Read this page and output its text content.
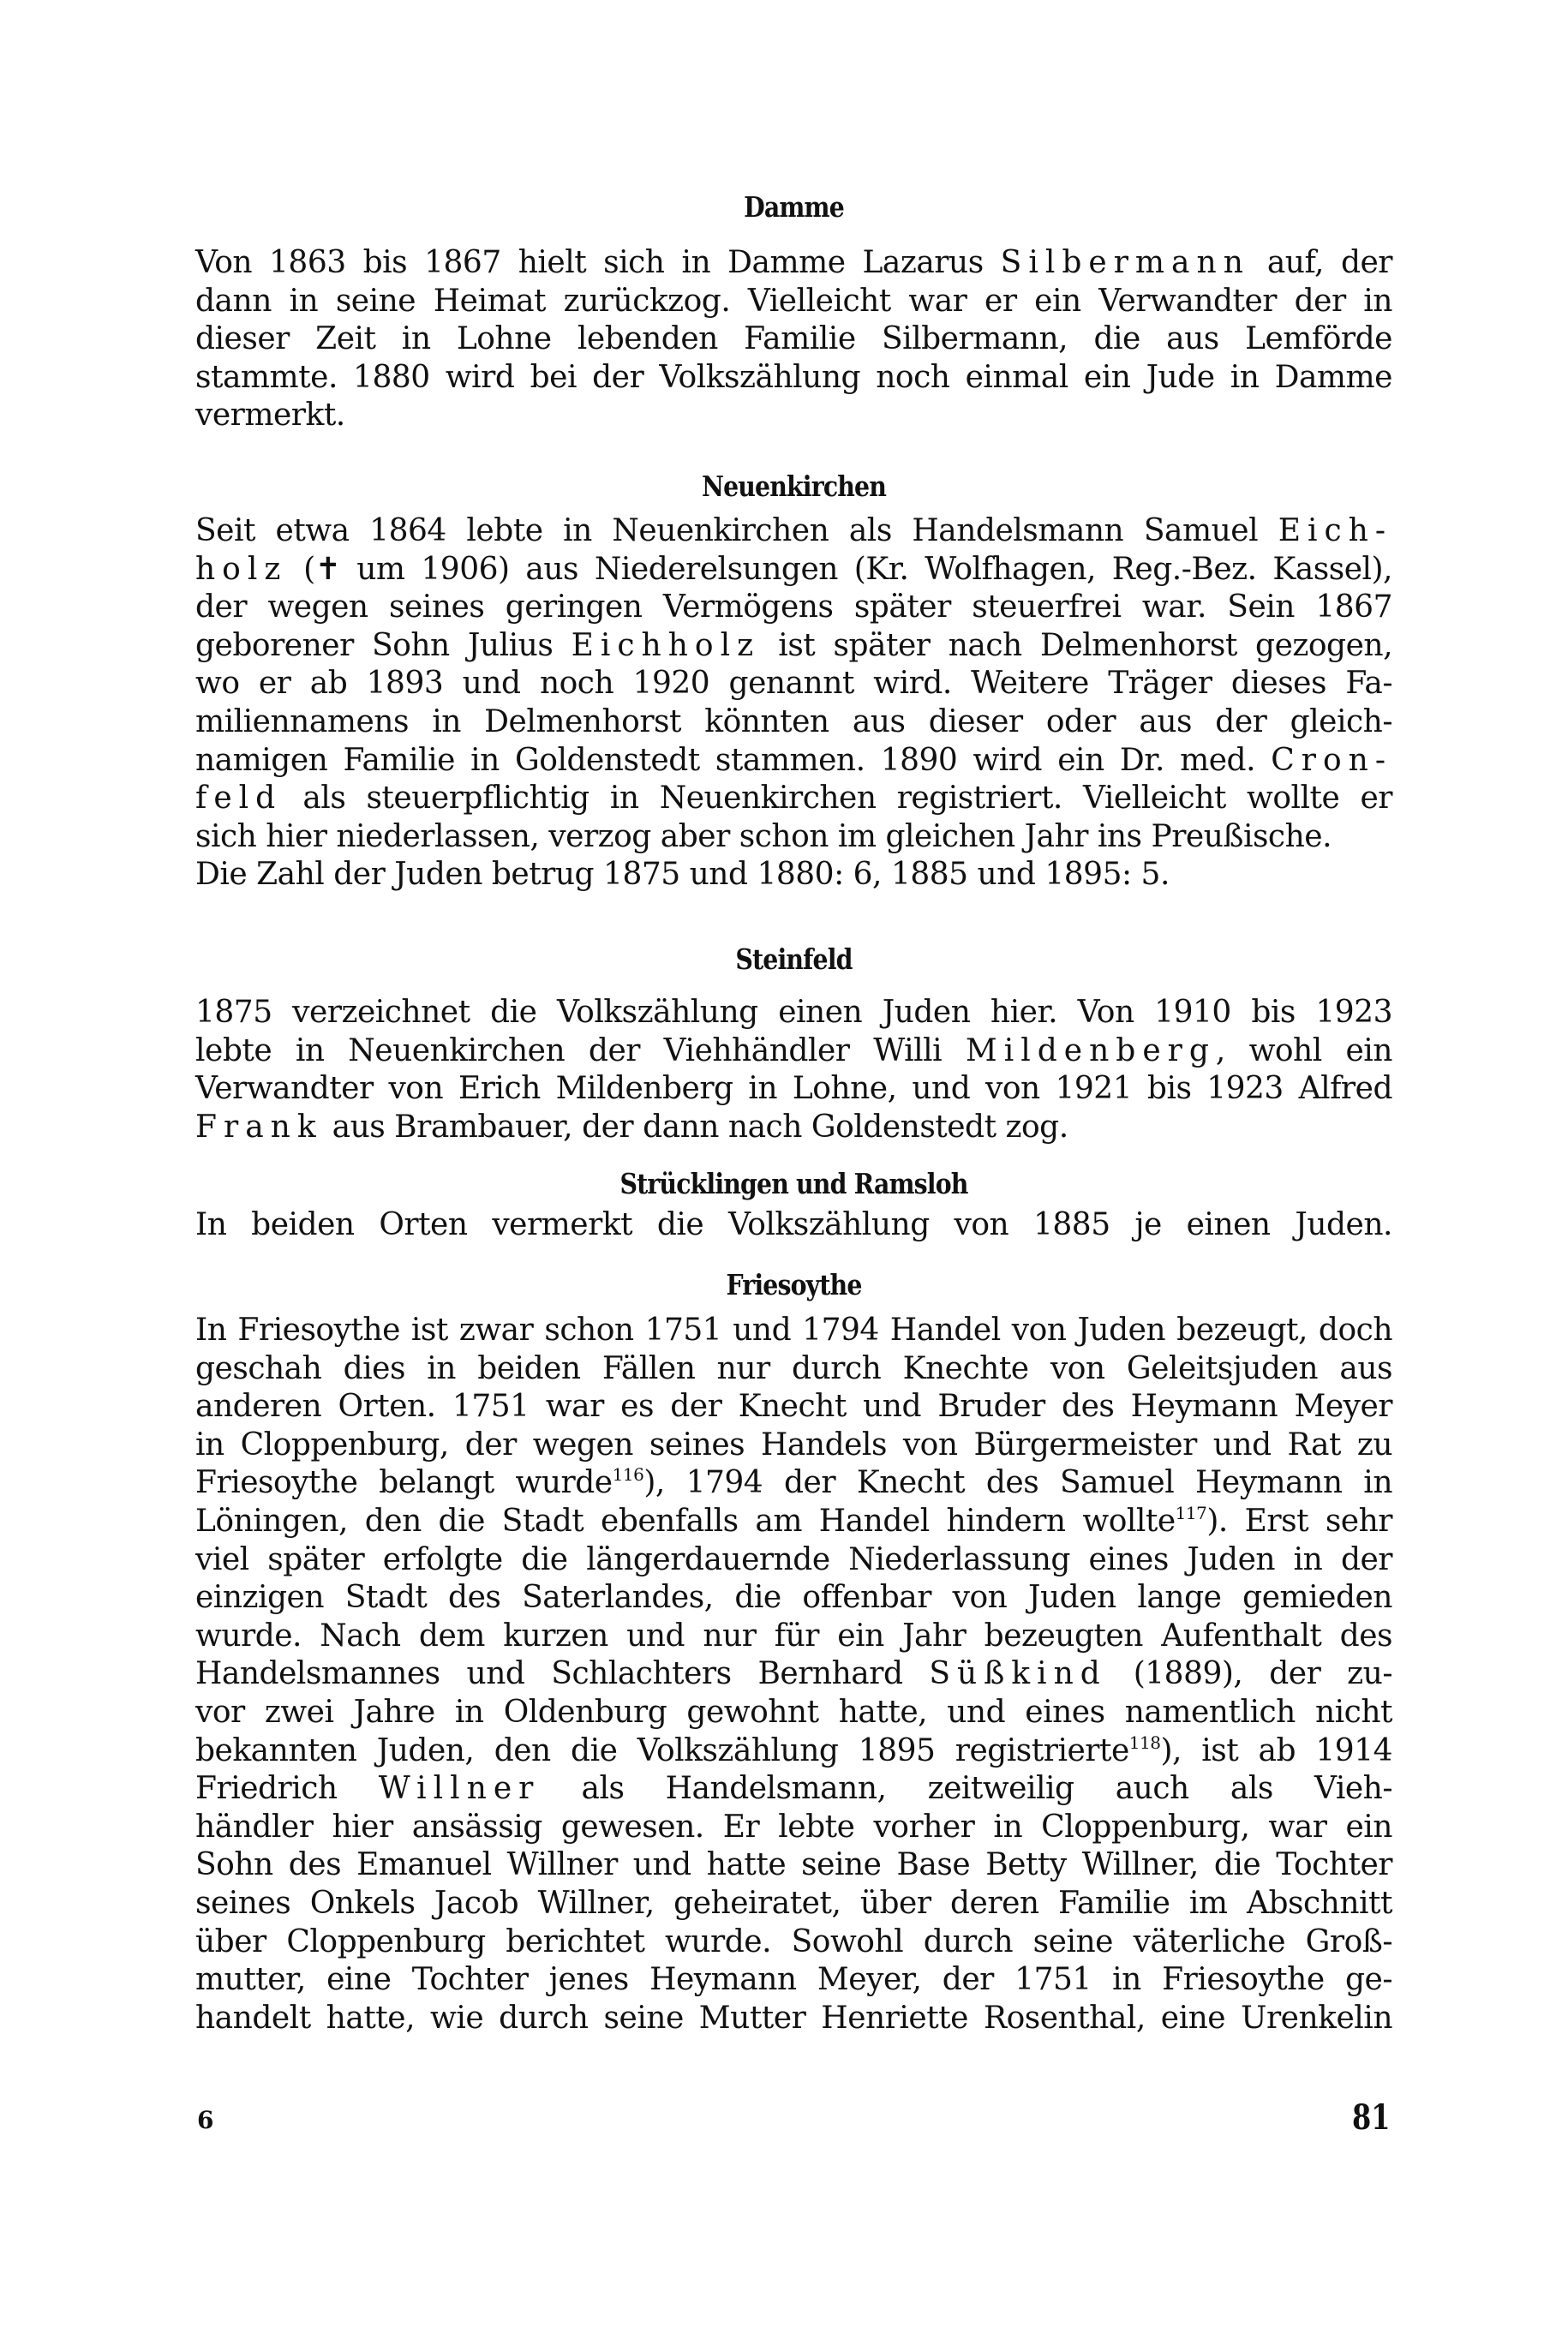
Damme
Von 1863 bis 1867 hielt sich in Damme Lazarus Silbermann auf, der
dann in seine Heimat zurückzog. Vielleicht war er ein Verwandter der in
dieser Zeit in Lohne lebenden Familie Silbermann, die aus Lemförde
stammte. 1880 wird bei der Volkszählung noch einmal ein Jude in Damme
vermerkt.
Neuenkirchen
Seit etwa 1864 lebte in Neuenkirchen als Handelsmann Samuel Eich-
holz (✝ um 1906) aus Niederelsungen (Kr. Wolfhagen, Reg.-Bez. Kassel),
der wegen seines geringen Vermögens später steuerfrei war. Sein 1867
geborener Sohn Julius Eichholz ist später nach Delmenhorst gezogen,
wo er ab 1893 und noch 1920 genannt wird. Weitere Träger dieses Fa-
miliennamens in Delmenhorst könnten aus dieser oder aus der gleich-
namigen Familie in Goldenstedt stammen. 1890 wird ein Dr. med. Cron-
feld als steuerpflichtig in Neuenkirchen registriert. Vielleicht wollte er
sich hier niederlassen, verzog aber schon im gleichen Jahr ins Preußische.
Die Zahl der Juden betrug 1875 und 1880: 6, 1885 und 1895: 5.
Steinfeld
1875 verzeichnet die Volkszählung einen Juden hier. Von 1910 bis 1923
lebte in Neuenkirchen der Viehhändler Willi Mildenberg, wohl ein
Verwandter von Erich Mildenberg in Lohne, und von 1921 bis 1923 Alfred
Frank aus Brambauer, der dann nach Goldenstedt zog.
Strücklingen und Ramsloh
In beiden Orten vermerkt die Volkszählung von 1885 je einen Juden.
Friesoythe
In Friesoythe ist zwar schon 1751 und 1794 Handel von Juden bezeugt, doch
geschah dies in beiden Fällen nur durch Knechte von Geleitsjuden aus
anderen Orten. 1751 war es der Knecht und Bruder des Heymann Meyer
in Cloppenburg, der wegen seines Handels von Bürgermeister und Rat zu
Friesoythe belangt wurde$^{116}$), 1794 der Knecht des Samuel Heymann in
Löningen, den die Stadt ebenfalls am Handel hindern wollte$^{117}$). Erst sehr
viel später erfolgte die längerdauernde Niederlassung eines Juden in der
einzigen Stadt des Saterlandes, die offenbar von Juden lange gemieden
wurde. Nach dem kurzen und nur für ein Jahr bezeugten Aufenthalt des
Handelsmannes und Schlachters Bernhard Süßkind (1889), der zu-
vor zwei Jahre in Oldenburg gewohnt hatte, und eines namentlich nicht
bekannten Juden, den die Volkszählung 1895 registrierte$^{118}$), ist ab 1914
Friedrich Willner als Handelsmann, zeitweilig auch als Vieh-
händler hier ansässig gewesen. Er lebte vorher in Cloppenburg, war ein
Sohn des Emanuel Willner und hatte seine Base Betty Willner, die Tochter
seines Onkels Jacob Willner, geheiratet, über deren Familie im Abschnitt
über Cloppenburg berichtet wurde. Sowohl durch seine väterliche Groß-
mutter, eine Tochter jenes Heymann Meyer, der 1751 in Friesoythe ge-
handelt hatte, wie durch seine Mutter Henriette Rosenthal, eine Urenkelin
6	81
